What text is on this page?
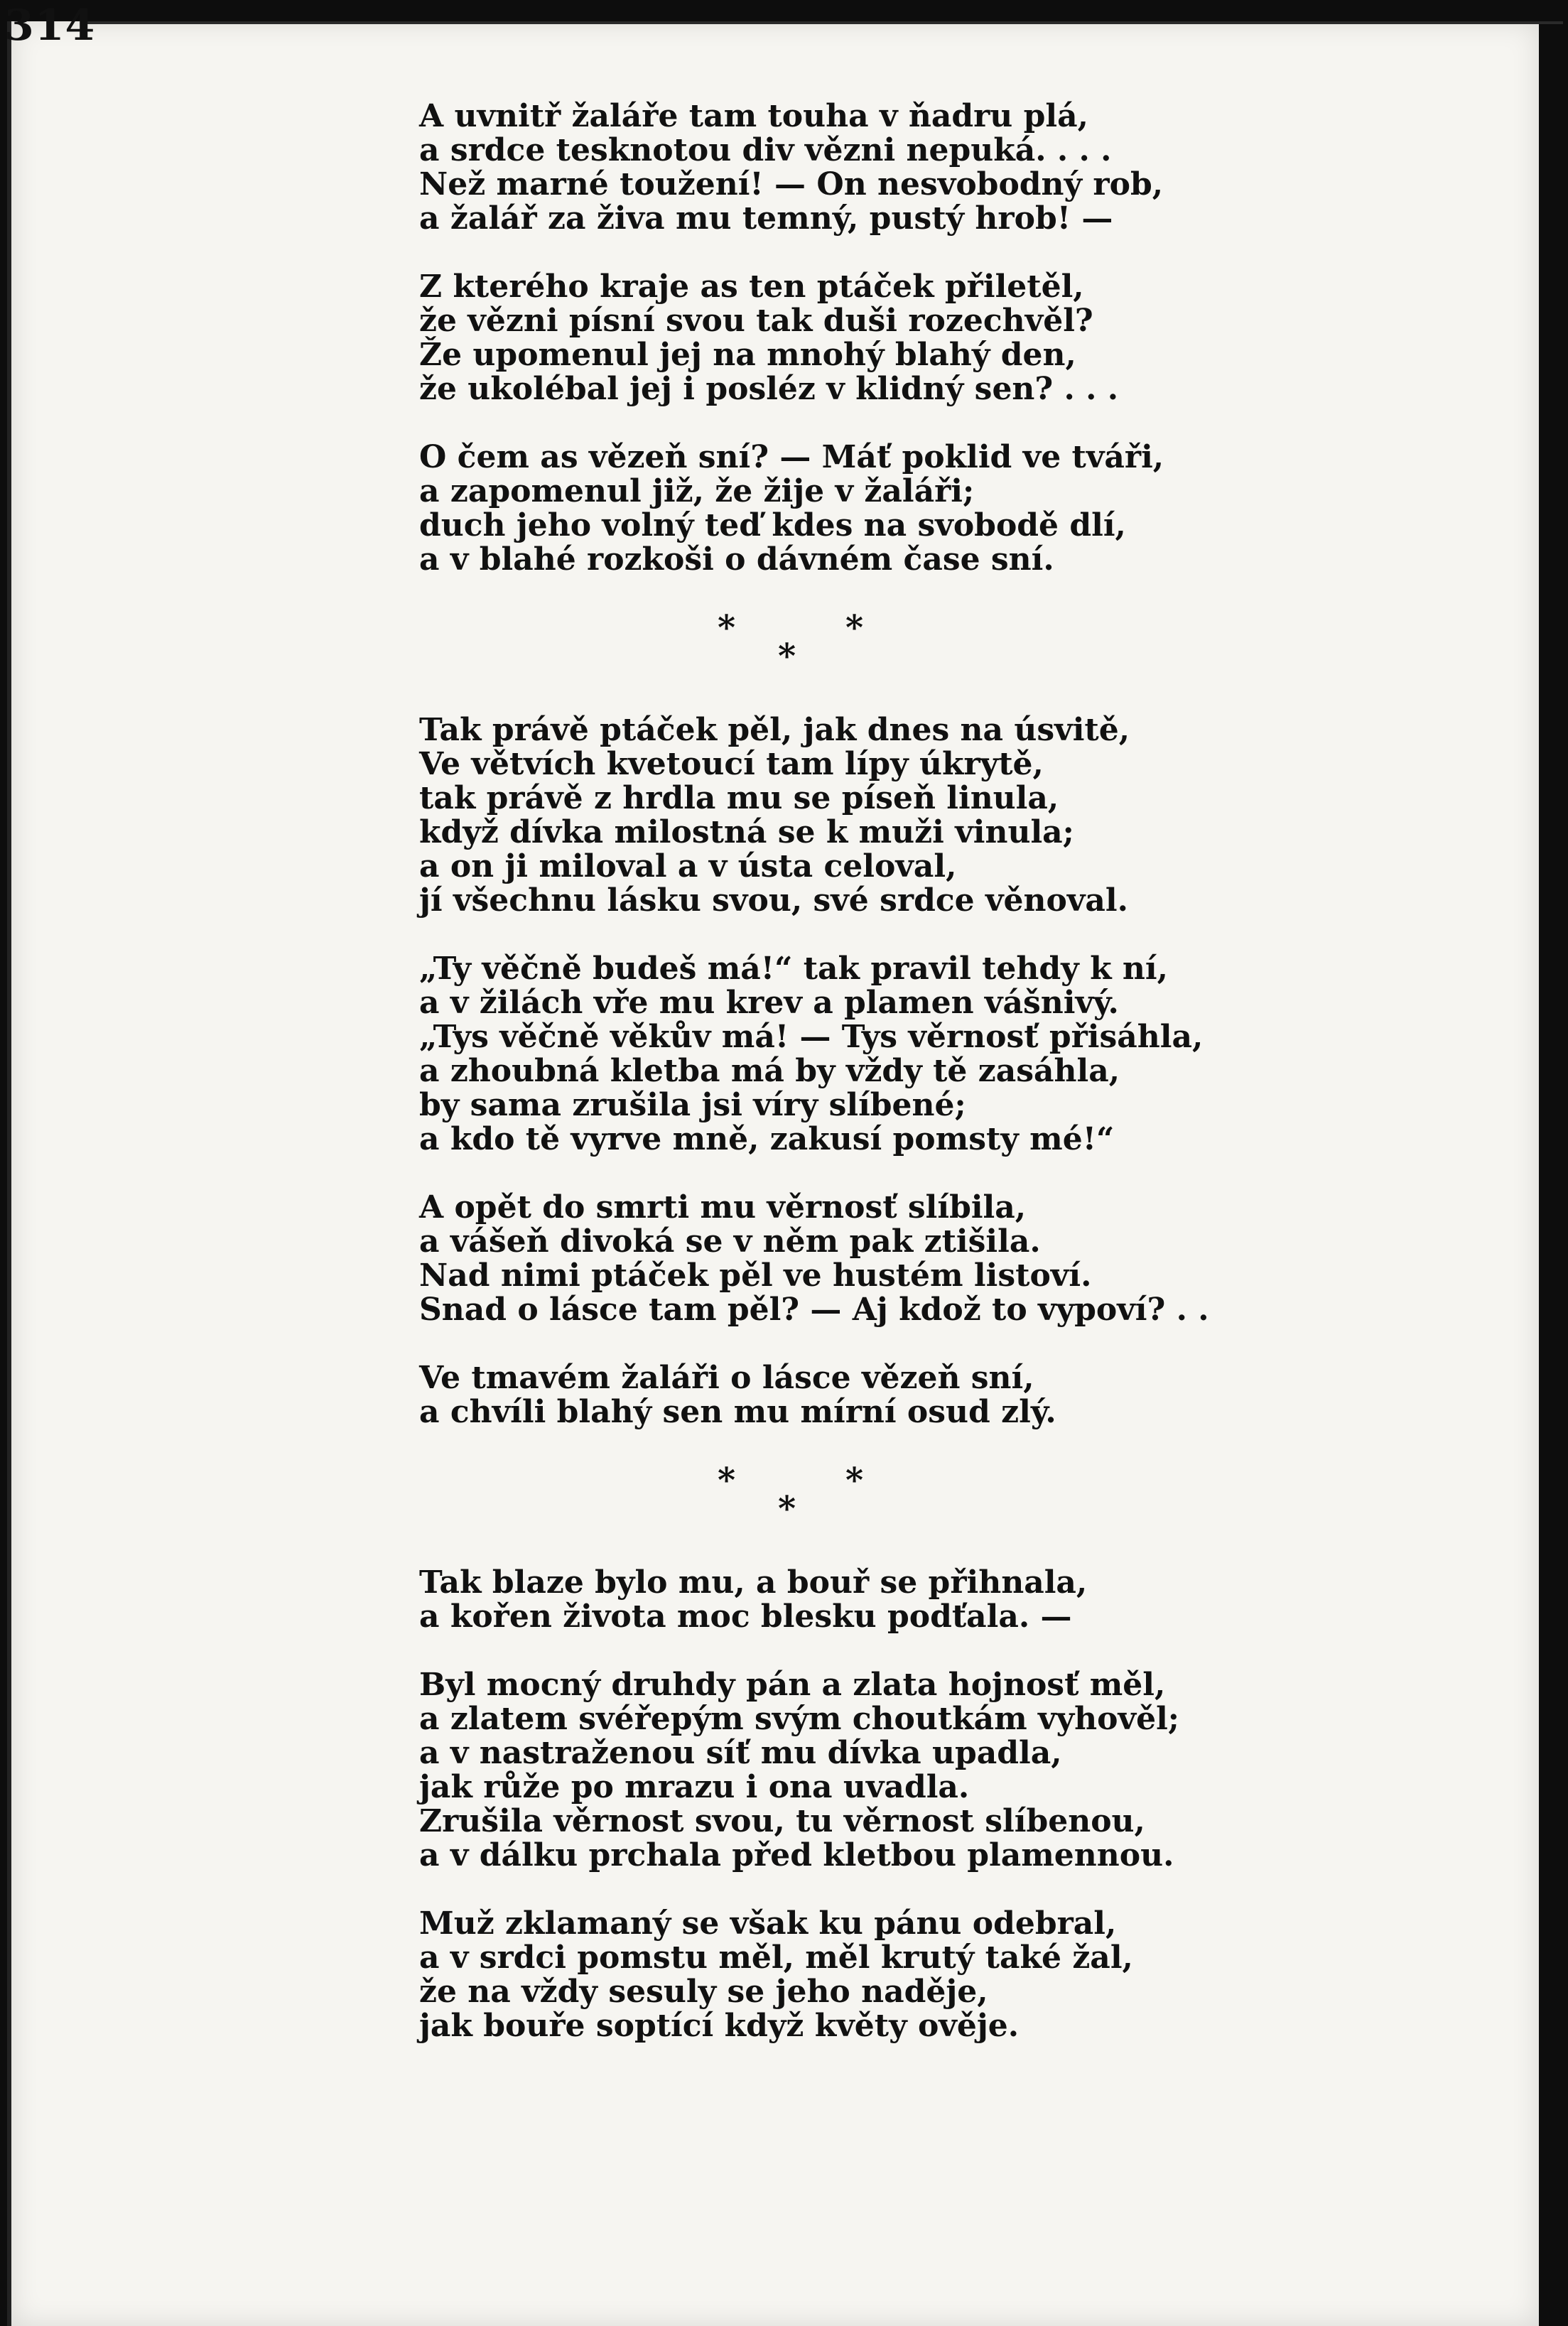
314
A uvnitř žaláře tam touha v ňadru plá,
a srdce tesknotou div vězni nepuká. . . .
Než marné toužení! — On nesvobodný rob,
a žalář za živa mu temný, pustý hrob! —
Z kterého kraje as ten ptáček přiletěl,
že vězni písní svou tak duši rozechvěl?
Že upomenul jej na mnohý blahý den,
že ukolébal jej i posléz v klidný sen? . . .
O čem as vězeň sní? — Máť poklid ve tváři,
a zapomenul již, že žije v žaláři;
duch jeho volný teď kdes na svobodě dlí,
a v blahé rozkoši o dávném čase sní.
*
*
*
Tak právě ptáček pěl, jak dnes na úsvitě,
Ve větvích kvetoucí tam lípy úkrytě,
tak právě z hrdla mu se píseň linula,
když dívka milostná se k muži vinula;
a on ji miloval a v ústa celoval,
jí všechnu lásku svou, své srdce věnoval.
„Ty věčně budeš má!“ tak pravil tehdy k ní,
a v žilách vře mu krev a plamen vášnivý.
„Tys věčně věkův má! — Tys věrnosť přisáhla,
a zhoubná kletba má by vždy tě zasáhla,
by sama zrušila jsi víry slíbené;
a kdo tě vyrve mně, zakusí pomsty mé!“
A opět do smrti mu věrnosť slíbila,
a vášeň divoká se v něm pak ztišila.
Nad nimi ptáček pěl ve hustém listoví.
Snad o lásce tam pěl? — Aj kdož to vypoví? . .
Ve tmavém žaláři o lásce vězeň sní,
a chvíli blahý sen mu mírní osud zlý.
*
*
*
Tak blaze bylo mu, a bouř se přihnala,
a kořen života moc blesku podťala. —
Byl mocný druhdy pán a zlata hojnosť měl,
a zlatem svéřepým svým choutkám vyhověl;
a v nastraženou síť mu dívka upadla,
jak růže po mrazu i ona uvadla.
Zrušila věrnost svou, tu věrnost slíbenou,
a v dálku prchala před kletbou plamennou.
Muž zklamaný se však ku pánu odebral,
a v srdci pomstu měl, měl krutý také žal,
že na vždy sesuly se jeho naděje,
jak bouře soptící když květy ověje.
